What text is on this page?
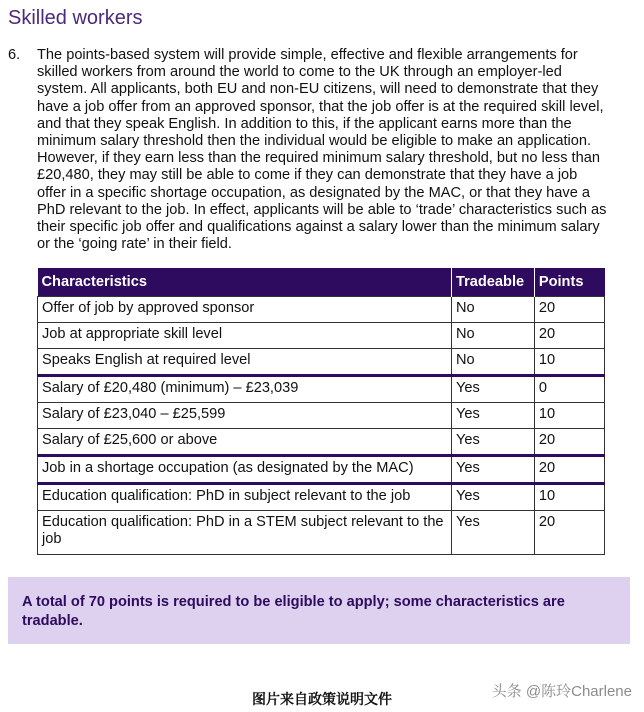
Skilled workers
6. The points-based system will provide simple, effective and flexible arrangements for skilled workers from around the world to come to the UK through an employer-led system. All applicants, both EU and non-EU citizens, will need to demonstrate that they have a job offer from an approved sponsor, that the job offer is at the required skill level, and that they speak English. In addition to this, if the applicant earns more than the minimum salary threshold then the individual would be eligible to make an application. However, if they earn less than the required minimum salary threshold, but no less than £20,480, they may still be able to come if they can demonstrate that they have a job offer in a specific shortage occupation, as designated by the MAC, or that they have a PhD relevant to the job. In effect, applicants will be able to ‘trade’ characteristics such as their specific job offer and qualifications against a salary lower than the minimum salary or the ‘going rate’ in their field.
Characteristics	Tradeable	Points
Offer of job by approved sponsor	No	20
Job at appropriate skill level	No	20
Speaks English at required level	No	10
Salary of £20,480 (minimum) – £23,039	Yes	0
Salary of £23,040 – £25,599	Yes	10
Salary of £25,600 or above	Yes	20
Job in a shortage occupation (as designated by the MAC)	Yes	20
Education qualification: PhD in subject relevant to the job	Yes	10
Education qualification: PhD in a STEM subject relevant to the job	Yes	20
A total of 70 points is required to be eligible to apply; some characteristics are tradable.
图片来自政策说明文件	头条 @陈玲Charlene
